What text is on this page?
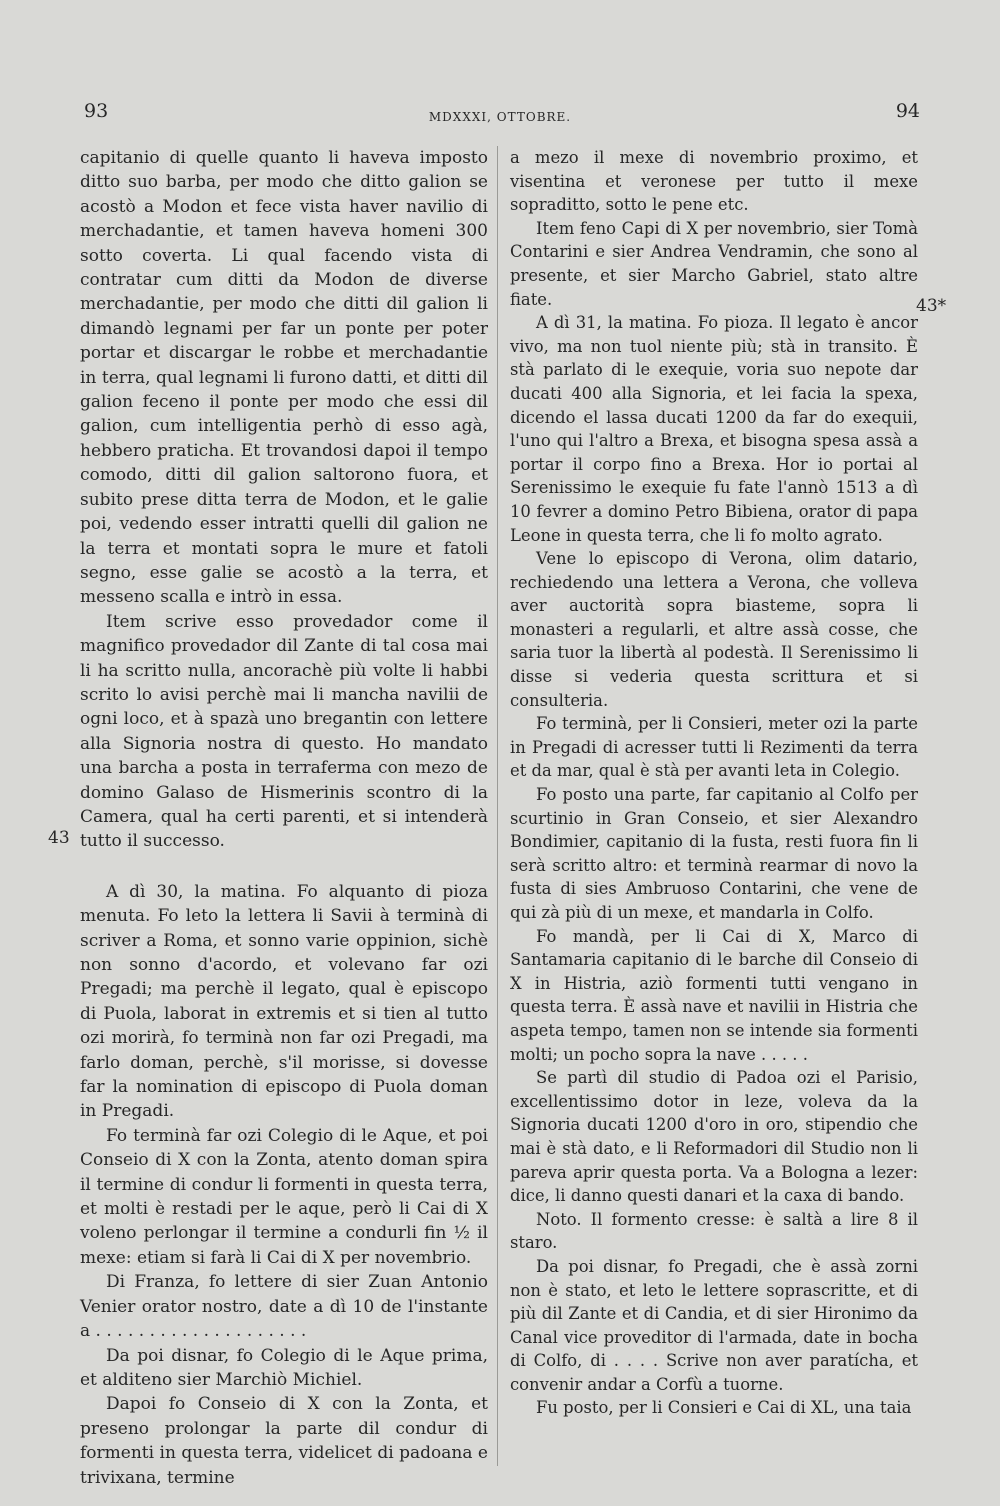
93	MDXXXI, OTTOBRE.	94
43
43*

capitanio di quelle quanto li haveva imposto ditto suo barba, per modo che ditto galion se acostò a Modon et fece vista haver navilio di merchadantie, et tamen haveva homeni 300 sotto coverta. Li qual facendo vista di contratar cum ditti da Modon de diverse merchadantie, per modo che ditti dil galion li dimandò legnami per far un ponte per poter portar et discargar le robbe et merchadantie in terra, qual legnami li furono datti, et ditti dil galion feceno il ponte per modo che essi dil galion, cum intelligentia perhò di esso agà, hebbero pratichа. Et trovandosi dapoi il tempo comodo, ditti dil galion saltorono fuora, et subito prese ditta terra de Modon, et le galie poi, vedendo esser intratti quelli dil galion ne la terra et montati sopra le mure et fatoli segno, esse galie se acostò a la terra, et messeno scalla e intrò in essa.

Item scrive esso provedador come il magnifico provedador dil Zante di tal cosa mai li ha scritto nulla, ancorachè più volte li habbi scrito lo avisi perchè mai li mancha navilii de ogni loco, et à spazà uno bregantin con lettere alla Signoria nostra di questo. Ho mandato una barcha a posta in terraferma con mezo de domino Galaso de Hismerinis scontro di la Camera, qual ha certi parenti, et si intenderà tutto il successo.

A dì 30, la matina. Fo alquanto di pioza menuta. Fo leto la lettera li Savii à terminà di scriver a Roma, et sonno varie oppinion, sichè non sonno d'acordo, et volevano far ozi Pregadi; ma perchè il legato, qual è episcopo di Puola, laborat in extremis et si tien al tutto ozi morirà, fo terminà non far ozi Pregadi, ma farlo doman, perchè, s'il morisse, si dovesse far la nomination di episcopo di Puola doman in Pregadi.

Fo terminà far ozi Colegio di le Aque, et poi Conseio di X con la Zonta, atento doman spira il termine di condur li formenti in questa terra, et molti è restadi per le aque, però li Cai di X voleno perlongar il termine a condurli fin ½ il mexe: etiam si farà li Cai di X per novembrio.

Di Franza, fo lettere di sier Zuan Antonio Venier orator nostro, date a dì 10 de l'instante a . . . . . . . . . . . . . . . . . . . .

Da poi disnar, fo Colegio di le Aque prima, et alditeno sier Marchiò Michiel.

Dapoi fo Conseio di X con la Zonta, et preseno prolongar la parte dil condur di formenti in questa terra, videlicet di padoana e trivixana, termine

a mezo il mexe di novembrio proximo, et visentina et veronese per tutto il mexe sopraditto, sotto le pene etc.

Item feno Capi di X per novembrio, sier Tomà Contarini e sier Andrea Vendramin, che sono al presente, et sier Marcho Gabriel, stato altre fiate.

A dì 31, la matina. Fo pioza. Il legato è ancor vivo, ma non tuol niente più; stà in transito. È stà parlato di le exequie, voria suo nepote dar ducati 400 alla Signoria, et lei facia la spexa, dicendo el lassa ducati 1200 da far do exequii, l'uno qui l'altro a Brexa, et bisogna spesa assà a portar il corpo fino a Brexa. Hor io portai al Serenissimo le exequie fu fate l'annò 1513 a dì 10 fevrer a domino Petro Bibiena, orator di papa Leone in questa terra, che li fo molto agrato.

Vene lo episcopo di Verona, olim datario, rechiedendo una lettera a Verona, che volleva aver auctorità sopra biasteme, sopra li monasteri a regularli, et altre assà cosse, che saria tuor la libertà al podestà. Il Serenissimo li disse si vederia questa scrittura et si consulteria.

Fo terminà, per li Consieri, meter ozi la parte in Pregadi di acresser tutti li Rezimenti da terra et da mar, qual è stà per avanti leta in Colegio.

Fo posto una parte, far capitanio al Colfo per scurtinio in Gran Conseio, et sier Alexandro Bondimier, capitanio di la fusta, resti fuora fin li serà scritto altro: et terminà rearmar di novo la fusta di sies Ambruoso Contarini, che vene de qui zà più di un mexe, et mandarla in Colfo.

Fo mandà, per li Cai di X, Marco di Santamaria capitanio di le barche dil Conseio di X in Histria, aziò formenti tutti vengano in questa terra. È assà nave et navilii in Histria che aspeta tempo, tamen non se intende sia formenti molti; un pocho sopra la nave . . . . .

Se partì dil studio di Padoa ozi el Parisio, excellentissimo dotor in leze, voleva da la Signoria ducati 1200 d'oro in oro, stipendio che mai è stà dato, e li Reformadori dil Studio non li pareva aprir questa porta. Va a Bologna a lezer: dice, li danno questi danari et la caxa di bando.

Noto. Il formento cresse: è saltà a lire 8 il staro.

Da poi disnar, fo Pregadi, che è assà zorni non è stato, et leto le lettere soprascritte, et di più dil Zante et di Candia, et di sier Hironimo da Canal vice proveditor di l'armada, date in bocha di Colfo, di . . . . Scrive non aver paratícha, et convenir andar a Corfù a tuorne.

Fu posto, per li Consieri e Cai di XL, una taia
